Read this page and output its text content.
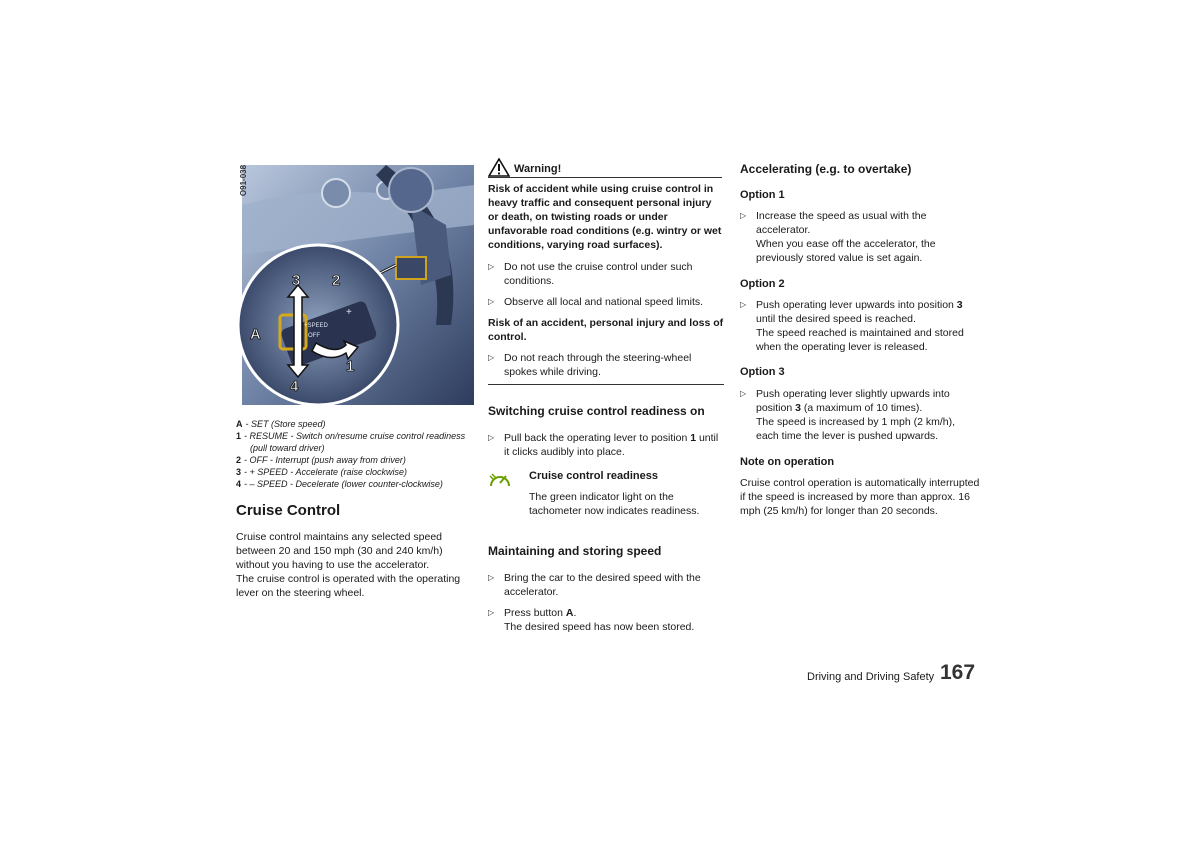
+SPEED
OFF
+
3 2
A
1
4
O91-038
A - SET (Store speed)
1 - RESUME - Switch on/resume cruise control readiness
(pull toward driver)
2 - OFF - Interrupt (push away from driver)
3 - + SPEED - Accelerate (raise clockwise)
4 - – SPEED - Decelerate (lower counter-clockwise)
Cruise Control
Cruise control maintains any selected speed
between 20 and 150 mph (30 and 240 km/h)
without you having to use the accelerator.
The cruise control is operated with the operating
lever on the steering wheel.
Warning!
Risk of accident while using cruise control in heavy traffic and consequent personal injury or death, on twisting roads or under unfavorable road conditions (e.g. wintry or wet conditions, varying road surfaces).
▷ Do not use the cruise control under such conditions.
▷ Observe all local and national speed limits.
Risk of an accident, personal injury and loss of control.
▷ Do not reach through the steering-wheel spokes while driving.
Switching cruise control readiness on
▷ Pull back the operating lever to position 1 until it clicks audibly into place.
Cruise control readiness
The green indicator light on the tachometer now indicates readiness.
Maintaining and storing speed
▷ Bring the car to the desired speed with the accelerator.
▷ Press button A.
The desired speed has now been stored.
Accelerating (e.g. to overtake)
Option 1
▷ Increase the speed as usual with the accelerator.
When you ease off the accelerator, the previously stored value is set again.
Option 2
▷ Push operating lever upwards into position 3 until the desired speed is reached.
The speed reached is maintained and stored when the operating lever is released.
Option 3
▷ Push operating lever slightly upwards into position 3 (a maximum of 10 times).
The speed is increased by 1 mph (2 km/h), each time the lever is pushed upwards.
Note on operation
Cruise control operation is automatically interrupted if the speed is increased by more than approx. 16 mph (25 km/h) for longer than 20 seconds.
Driving and Driving Safety 167
